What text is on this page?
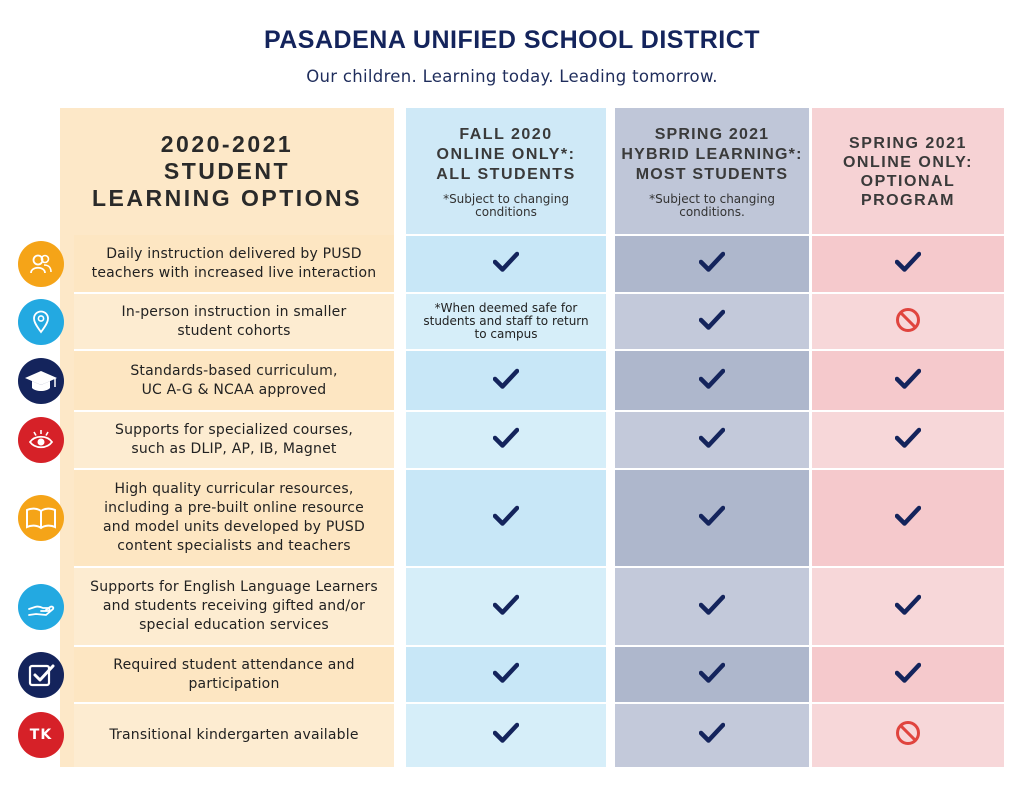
PASADENA UNIFIED SCHOOL DISTRICT
Our children. Learning today. Leading tomorrow.
2020-2021
STUDENT
LEARNING OPTIONS
FALL 2020
ONLINE ONLY*:
ALL STUDENTS
*Subject to changing
conditions
SPRING 2021
HYBRID LEARNING*:
MOST STUDENTS
*Subject to changing
conditions.
SPRING 2021
ONLINE ONLY:
OPTIONAL
PROGRAM
Daily instruction delivered by PUSD
teachers with increased live interaction
In-person instruction in smaller
student cohorts
*When deemed safe for
students and staff to return
to campus
Standards-based curriculum,
UC A-G & NCAA approved
Supports for specialized courses,
such as DLIP, AP, IB, Magnet
High quality curricular resources,
including a pre-built online resource
and model units developed by PUSD
content specialists and teachers
Supports for English Language Learners
and students receiving gifted and/or
special education services
Required student attendance and
participation
Transitional kindergarten available
TK
